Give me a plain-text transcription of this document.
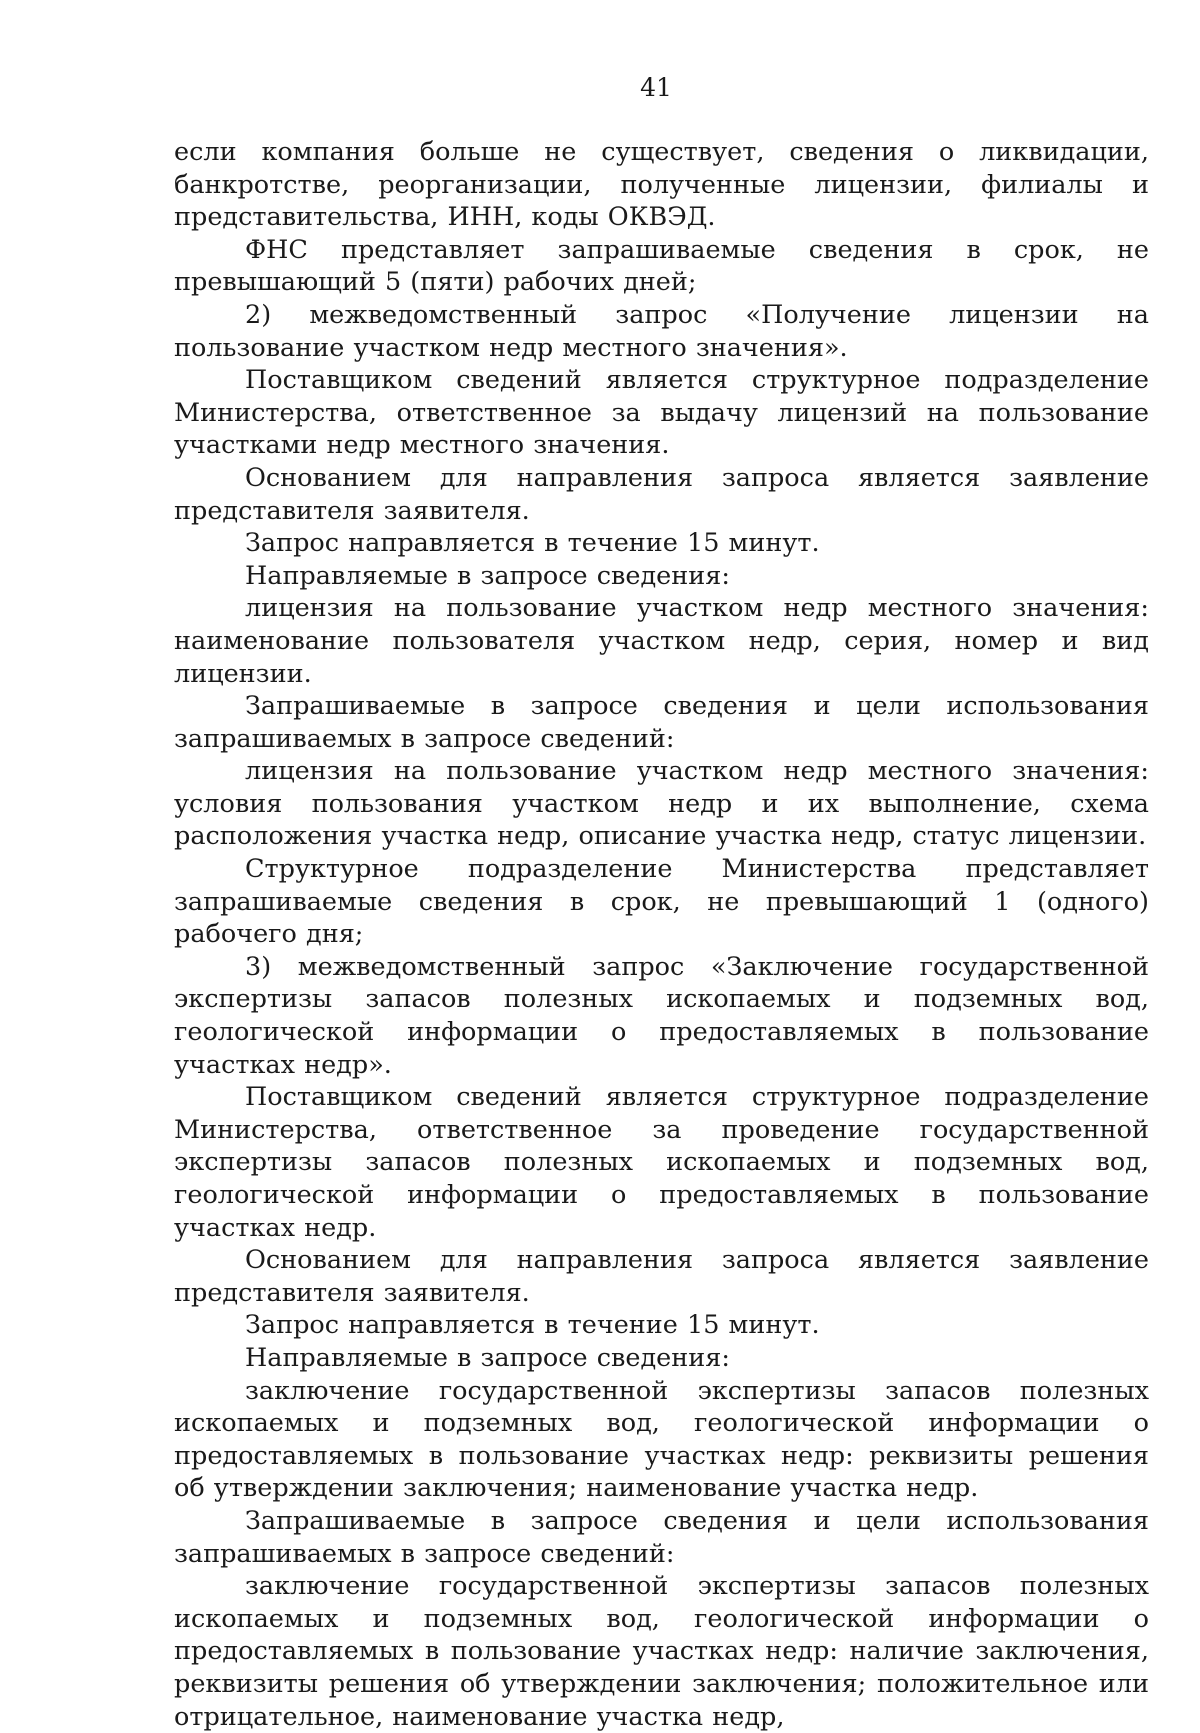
41

если компания больше не существует, сведения о ликвидации, банкротстве, реорганизации, полученные лицензии, филиалы и представительства, ИНН, коды ОКВЭД.

ФНС представляет запрашиваемые сведения в срок, не превышающий 5 (пяти) рабочих дней;

2) межведомственный запрос «Получение лицензии на пользование участком недр местного значения».

Поставщиком сведений является структурное подразделение Министерства, ответственное за выдачу лицензий на пользование участками недр местного значения.

Основанием для направления запроса является заявление представителя заявителя.

Запрос направляется в течение 15 минут.

Направляемые в запросе сведения:

лицензия на пользование участком недр местного значения: наименование пользователя участком недр, серия, номер и вид лицензии.

Запрашиваемые в запросе сведения и цели использования запрашиваемых в запросе сведений:

лицензия на пользование участком недр местного значения: условия пользования участком недр и их выполнение, схема расположения участка недр, описание участка недр, статус лицензии.

Структурное подразделение Министерства представляет запрашиваемые сведения в срок, не превышающий 1 (одного) рабочего дня;

3) межведомственный запрос «Заключение государственной экспертизы запасов полезных ископаемых и подземных вод, геологической информации о предоставляемых в пользование участках недр».

Поставщиком сведений является структурное подразделение Министерства, ответственное за проведение государственной экспертизы запасов полезных ископаемых и подземных вод, геологической информации о предоставляемых в пользование участках недр.

Основанием для направления запроса является заявление представителя заявителя.

Запрос направляется в течение 15 минут.

Направляемые в запросе сведения:

заключение государственной экспертизы запасов полезных ископаемых и подземных вод, геологической информации о предоставляемых в пользование участках недр: реквизиты решения об утверждении заключения; наименование участка недр.

Запрашиваемые в запросе сведения и цели использования запрашиваемых в запросе сведений:

заключение государственной экспертизы запасов полезных ископаемых и подземных вод, геологической информации о предоставляемых в пользование участках недр: наличие заключения, реквизиты решения об утверждении заключения; положительное или отрицательное, наименование участка недр,
